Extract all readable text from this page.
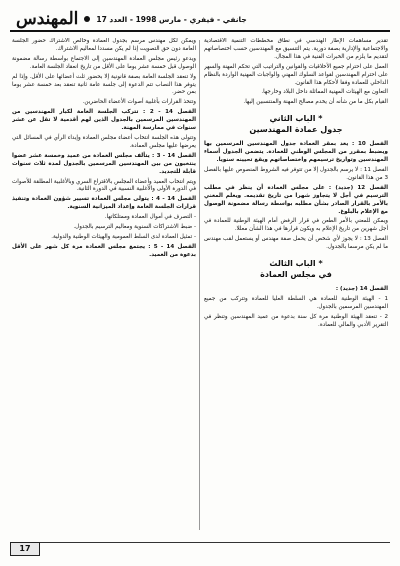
المهندس جانفي - فيفري - مارس 1998 - العدد 17

ويمكن لكل مهندس مرسم بجدول العمادة وخالص الاشتراك حضور الجلسة العامة دون حق التصويت إذا لم يكن مسددا لمعاليم الاشتراك.

ويدعو رئيس مجلس العمادة المهندسين إلى الاجتماع بواسطة رسالة مضمونة الوصول قبل خمسة عشر يوما على الأقل من تاريخ انعقاد الجلسة العامة.

ولا تنعقد الجلسة العامة بصفة قانونية إلا بحضور ثلث أعضائها على الأقل. وإذا لم يتوفر هذا النصاب تتم الدعوة إلى جلسة عامة ثانية تنعقد بعد خمسة عشر يوما بمن حضر.

وتتخذ القرارات بأغلبية أصوات الأعضاء الحاضرين.

الفصل 14 - 2 : تتركب الجلسة العامة لكبار المهندسين من المهندسين المرسمين بالجدول الذين لهم أقدمية لا تقل عن عشر سنوات في ممارسة المهنة.

وتتولى هذه الجلسة انتخاب أعضاء مجلس العمادة وإبداء الرأي في المسائل التي يعرضها عليها مجلس العمادة.

الفصل 14 - 3 : يتألف مجلس العمادة من عميد وخمسة عشر عضوا ينتخبون من بين المهندسين المرسمين بالجدول لمدة ثلاث سنوات قابلة للتجديد.

ويتم انتخاب العميد وأعضاء المجلس بالاقتراع السري وبالأغلبية المطلقة للأصوات في الدورة الأولى والأغلبية النسبية في الدورة الثانية.

الفصل 14 - 4 : يتولى مجلس العمادة تسيير شؤون العمادة وتنفيذ قرارات الجلسة العامة وإعداد الميزانية السنوية.

- التصرف في أموال العمادة وممتلكاتها.

- ضبط الاشتراكات السنوية ومعاليم الترسيم بالجدول.

- تمثيل العمادة لدى السلط العمومية والهيئات الوطنية والدولية.

الفصل 14 - 5 : يجتمع مجلس العمادة مرة كل شهر على الأقل بدعوة من العميد.

تقدير مساهمات الإطار الهندسي في نطاق مخططات التنمية الاقتصادية والاجتماعية والإدارية بصفة دورية. يتم التنسيق مع المهندسين حسب اختصاصاتهم لتقديم ما يلزم من الخبرات الفنية في هذا المجال.

العمل على احترام جميع الأخلاقيات والقوانين والتراتيب التي تحكم المهنة والسهر على احترام المهندسين لقواعد السلوك المهني والواجبات المهنية الواردة بالنظام الداخلي للعمادة وفقا لأحكام هذا القانون.

التعاون مع الهيئات المهنية المماثلة داخل البلاد وخارجها.

القيام بكل ما من شأنه أن يخدم مصالح المهنة والمنتسبين إليها.

* الباب الثاني
جدول عمادة المهندسين

الفصل 10 : يعد بمقر العمادة جدول المهندسين المرسمين بها ويضبط بمقرر من المجلس الوطني للعمادة. يتضمن الجدول أسماء المهندسين وتواريخ ترسيمهم واختصاصاتهم ويقع تحيينه سنويا.

الفصل 11 : لا يرسم بالجدول إلا من تتوفر فيه الشروط المنصوص عليها بالفصل 3 من هذا القانون.

الفصل 12 (جديد) : على مجلس العمادة أن ينظر في مطلب الترسيم في أجل لا يتجاوز شهرا من تاريخ تقديمه. ويعلم المعني بالأمر بالقرار الصادر بشأن مطلبه بواسطة رسالة مضمونة الوصول مع الإعلام بالبلوغ.

ويمكن للمعني بالأمر الطعن في قرار الرفض أمام الهيئة الوطنية للعمادة في أجل شهرين من تاريخ الإعلام به ويكون قرارها في هذا الشأن معللا.

الفصل 13 : لا يجوز لأي شخص أن يحمل صفة مهندس أو يستعمل لقب مهندس ما لم يكن مرسما بالجدول.

* الباب الثالث
في مجلس العمادة

الفصل 14 (جديد) :

1 - الهيئة الوطنية للعمادة هي السلطة العليا للعمادة وتتركب من جميع المهندسين المرسمين بالجدول.

2 - تنعقد الهيئة الوطنية مرة كل سنة بدعوة من عميد المهندسين وتنظر في التقرير الأدبي والمالي للعمادة.

17
